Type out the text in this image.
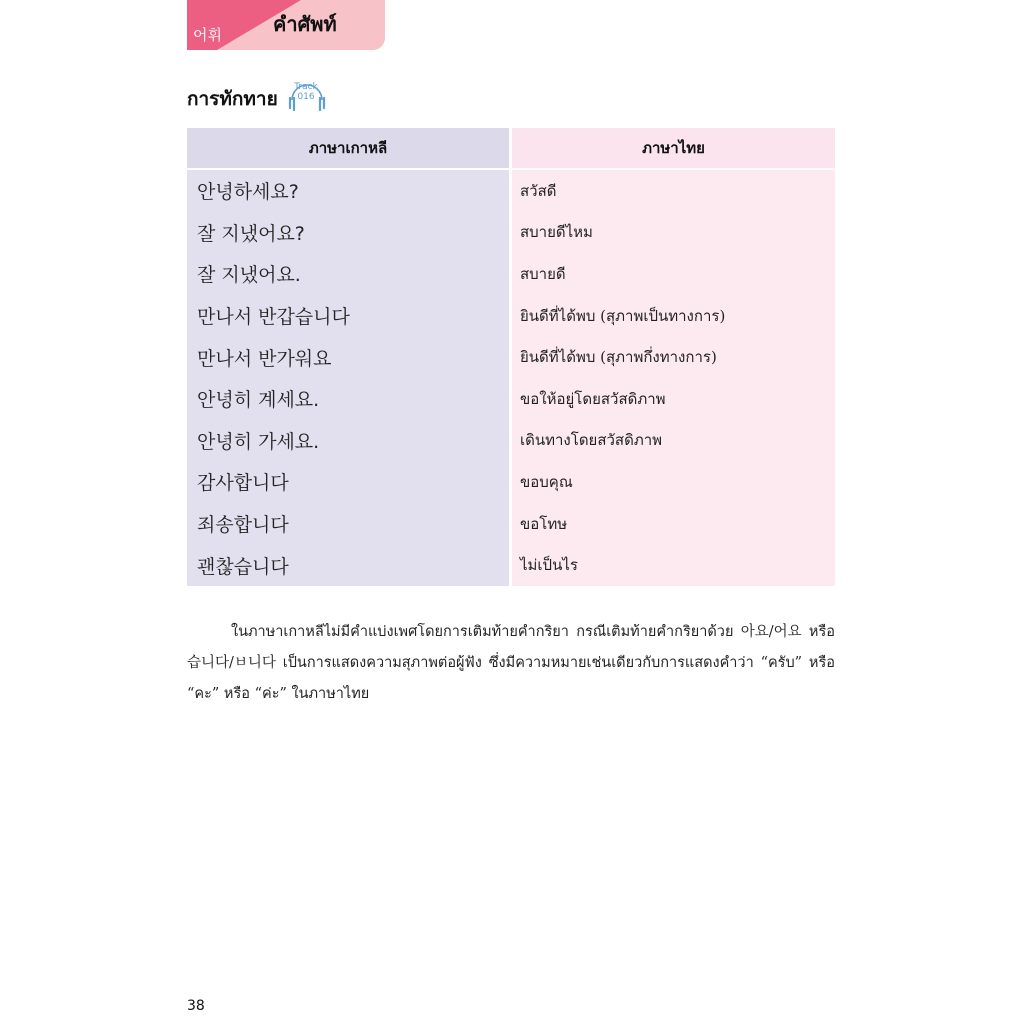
어휘	คำศัพท์
การทักทาย
Track
016
ภาษาเกาหลี	ภาษาไทย
안녕하세요?	สวัสดี
잘 지냈어요?	สบายดีไหม
잘 지냈어요.	สบายดี
만나서 반갑습니다	ยินดีที่ได้พบ (สุภาพเป็นทางการ)
만나서 반가워요	ยินดีที่ได้พบ (สุภาพกึ่งทางการ)
안녕히 계세요.	ขอให้อยู่โดยสวัสดิภาพ
안녕히 가세요.	เดินทางโดยสวัสดิภาพ
감사합니다	ขอบคุณ
죄송합니다	ขอโทษ
괜찮습니다	ไม่เป็นไร
ในภาษาเกาหลีไม่มีคำแบ่งเพศโดยการเติมท้ายคำกริยา กรณีเติมท้ายคำกริยาด้วย 아요/어요 หรือ
습니다/ㅂ니다 เป็นการแสดงความสุภาพต่อผู้ฟัง ซึ่งมีความหมายเช่นเดียวกับการแสดงคำว่า “ครับ” หรือ
“คะ” หรือ “ค่ะ” ในภาษาไทย
38
